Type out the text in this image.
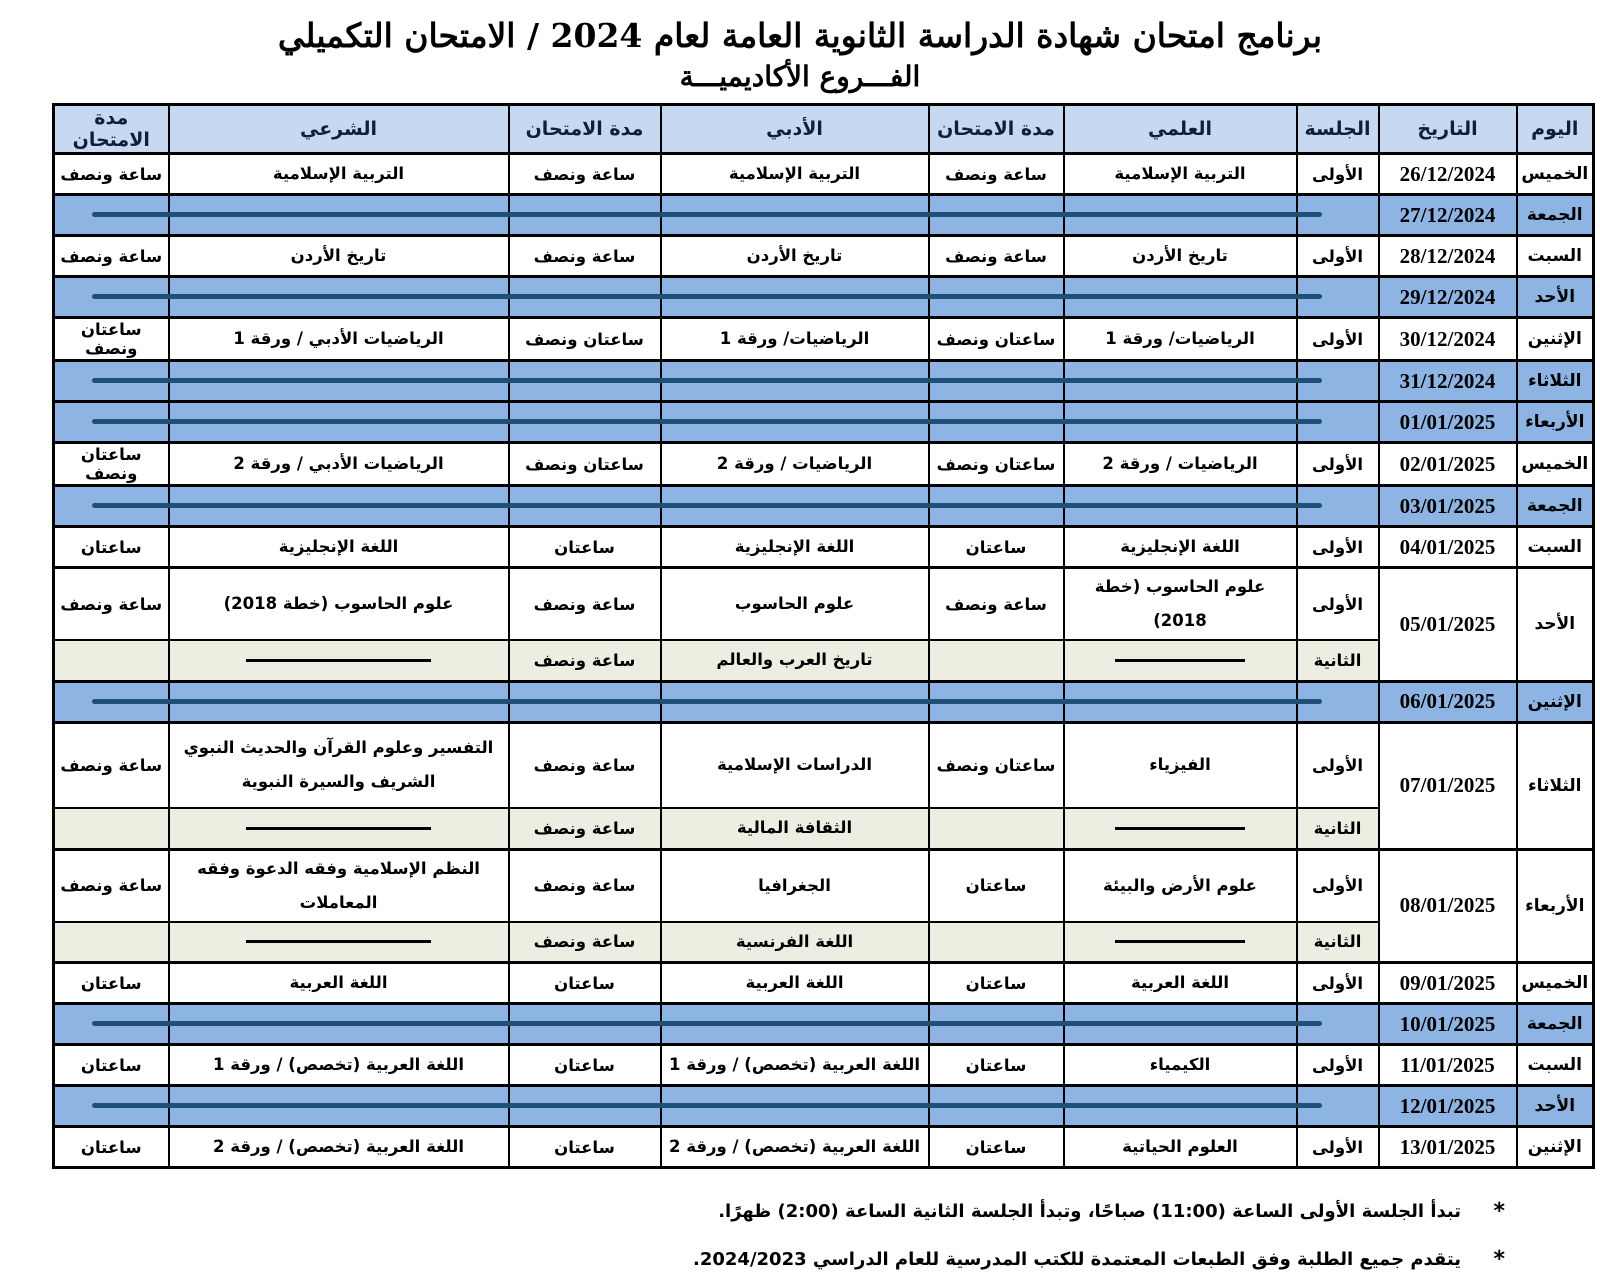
برنامج امتحان شهادة الدراسة الثانوية العامة لعام 2024 / الامتحان التكميلي
الفـــروع الأكاديميـــة
اليوم	التاريخ	الجلسة	العلمي	مدة الامتحان	الأدبي	مدة الامتحان	الشرعي	مدة الامتحان
الخميس	26/12/2024	الأولى	التربية الإسلامية	ساعة ونصف	التربية الإسلامية	ساعة ونصف	التربية الإسلامية	ساعة ونصف
الجمعة	27/12/2024							
السبت	28/12/2024	الأولى	تاريخ الأردن	ساعة ونصف	تاريخ الأردن	ساعة ونصف	تاريخ الأردن	ساعة ونصف
الأحد	29/12/2024							
الإثنين	30/12/2024	الأولى	الرياضيات/ ورقة 1	ساعتان ونصف	الرياضيات/ ورقة 1	ساعتان ونصف	الرياضيات الأدبي / ورقة 1	ساعتان ونصف
الثلاثاء	31/12/2024							
الأربعاء	01/01/2025							
الخميس	02/01/2025	الأولى	الرياضيات / ورقة 2	ساعتان ونصف	الرياضيات / ورقة 2	ساعتان ونصف	الرياضيات الأدبي / ورقة 2	ساعتان ونصف
الجمعة	03/01/2025							
السبت	04/01/2025	الأولى	اللغة الإنجليزية	ساعتان	اللغة الإنجليزية	ساعتان	اللغة الإنجليزية	ساعتان
الأحد	05/01/2025	الأولى	علوم الحاسوب (خطة 2018)	ساعة ونصف	علوم الحاسوب	ساعة ونصف	علوم الحاسوب (خطة 2018)	ساعة ونصف
		الثانية			تاريخ العرب والعالم	ساعة ونصف	

الإثنين	06/01/2025							
الثلاثاء	07/01/2025	الأولى	الفيزياء	ساعتان ونصف	الدراسات الإسلامية	ساعة ونصف	التفسير وعلوم القرآن والحديث النبوي الشريف والسيرة النبوية	ساعة ونصف
		الثانية			الثقافة المالية	ساعة ونصف	

الأربعاء	08/01/2025	الأولى	علوم الأرض والبيئة	ساعتان	الجغرافيا	ساعة ونصف	النظم الإسلامية وفقه الدعوة وفقه المعاملات	ساعة ونصف
		الثانية			اللغة الفرنسية	ساعة ونصف	

الخميس	09/01/2025	الأولى	اللغة العربية	ساعتان	اللغة العربية	ساعتان	اللغة العربية	ساعتان
الجمعة	10/01/2025							
السبت	11/01/2025	الأولى	الكيمياء	ساعتان	اللغة العربية (تخصص) / ورقة 1	ساعتان	اللغة العربية (تخصص) / ورقة 1	ساعتان
الأحد	12/01/2025							
الإثنين	13/01/2025	الأولى	العلوم الحياتية	ساعتان	اللغة العربية (تخصص) / ورقة 2	ساعتان	اللغة العربية (تخصص) / ورقة 2	ساعتان
*
تبدأ الجلسة الأولى الساعة (11:00) صباحًا، وتبدأ الجلسة الثانية الساعة (2:00) ظهرًا.
*
يتقدم جميع الطلبة وفق الطبعات المعتمدة للكتب المدرسية للعام الدراسي 2024/2023.
